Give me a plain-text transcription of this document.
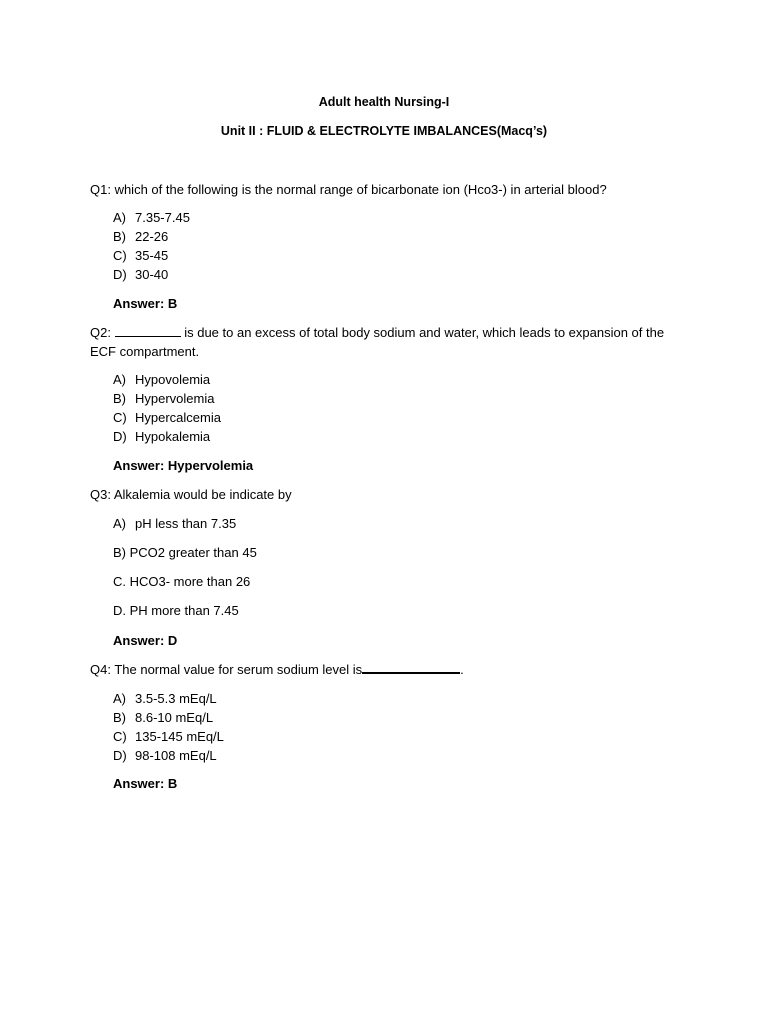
Adult health Nursing-I
Unit II : FLUID & ELECTROLYTE IMBALANCES(Macq’s)
Q1: which of the following is the normal range of bicarbonate ion (Hco3-) in arterial blood?
A) 7.35-7.45
B) 22-26
C) 35-45
D) 30-40
Answer: B
Q2:	is due to an excess of total body sodium and water, which leads to expansion of the ECF compartment.
A) Hypovolemia
B) Hypervolemia
C) Hypercalcemia
D) Hypokalemia
Answer: Hypervolemia
Q3: Alkalemia would be indicate by
A) pH less than 7.35
B) PCO2 greater than 45
C. HCO3- more than 26
D. PH more than 7.45
Answer: D
Q4: The normal value for serum sodium level is	.
A) 3.5-5.3 mEq/L
B) 8.6-10 mEq/L
C) 135-145 mEq/L
D) 98-108 mEq/L
Answer: B
